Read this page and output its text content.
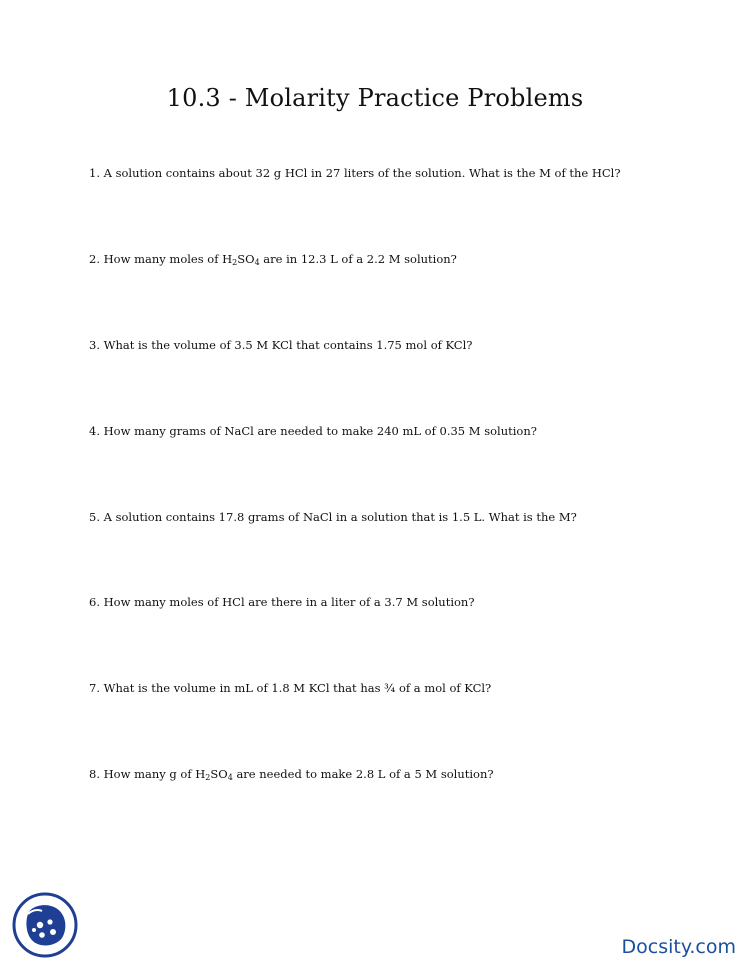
10.3 - Molarity Practice Problems
1. A solution contains about 32 g HCl in 27 liters of the solution. What is the M of the HCl?
2. How many moles of $H_2SO_4$ are in 12.3 L of a 2.2 M solution?
3. What is the volume of 3.5 M KCl that contains 1.75 mol of KCl?
4. How many grams of NaCl are needed to make 240 mL of 0.35 M solution?
5. A solution contains 17.8 grams of NaCl in a solution that is 1.5 L. What is the M?
6. How many moles of HCl are there in a liter of a 3.7 M solution?
7. What is the volume in mL of 1.8 M KCl that has ¾ of a mol of KCl?
8. How many g of $H_2SO_4$ are needed to make 2.8 L of a 5 M solution?
Docsity.com
